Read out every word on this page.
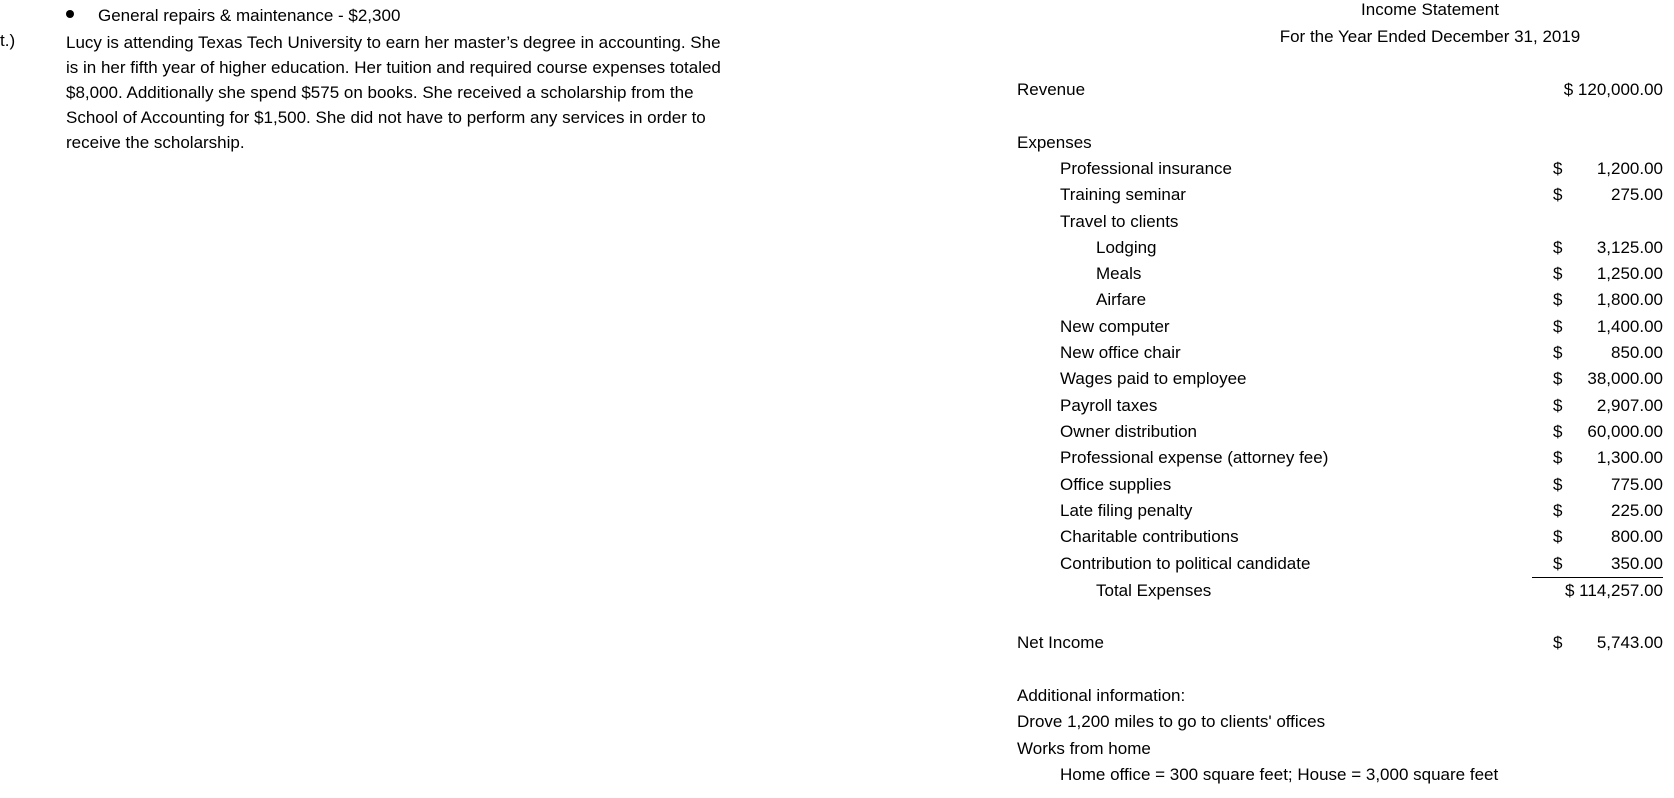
General repairs & maintenance - $2,300
t.)	Lucy is attending Texas Tech University to earn her master’s degree in accounting. She
is in her fifth year of higher education. Her tuition and required course expenses totaled
$8,000. Additionally she spend $575 on books. She received a scholarship from the
School of Accounting for $1,500. She did not have to perform any services in order to
receive the scholarship.
Income Statement
For the Year Ended December 31, 2019
Revenue	$ 120,000.00
Expenses
Professional insurance	$ 1,200.00
Training seminar	$	275.00
Travel to clients
Lodging	$ 3,125.00
Meals	$ 1,250.00
Airfare	$ 1,800.00
New computer	$ 1,400.00
New office chair	$	850.00
Wages paid to employee	$ 38,000.00
Payroll taxes	$ 2,907.00
Owner distribution	$ 60,000.00
Professional expense (attorney fee)	$ 1,300.00
Office supplies	$	775.00
Late filing penalty	$	225.00
Charitable contributions	$	800.00
Contribution to political candidate	$	350.00
Total Expenses	$ 114,257.00
Net Income	$ 5,743.00
Additional information:
Drove 1,200 miles to go to clients' offices
Works from home
Home office = 300 square feet; House = 3,000 square feet
